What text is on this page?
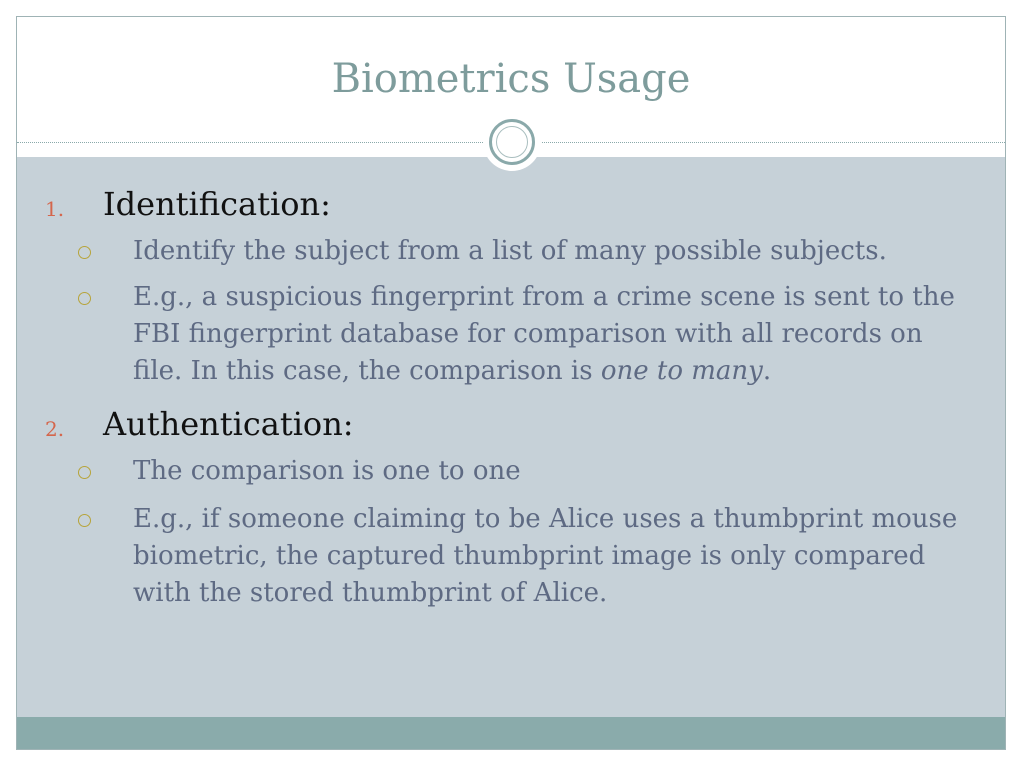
Biometrics Usage
1. Identification:
Identify the subject from a list of many possible subjects.
E.g., a suspicious fingerprint from a crime scene is sent to the FBI fingerprint database for comparison with all records on file. In this case, the comparison is one to many.
2. Authentication:
The comparison is one to one
E.g., if someone claiming to be Alice uses a thumbprint mouse biometric, the captured thumbprint image is only compared with the stored thumbprint of Alice.
